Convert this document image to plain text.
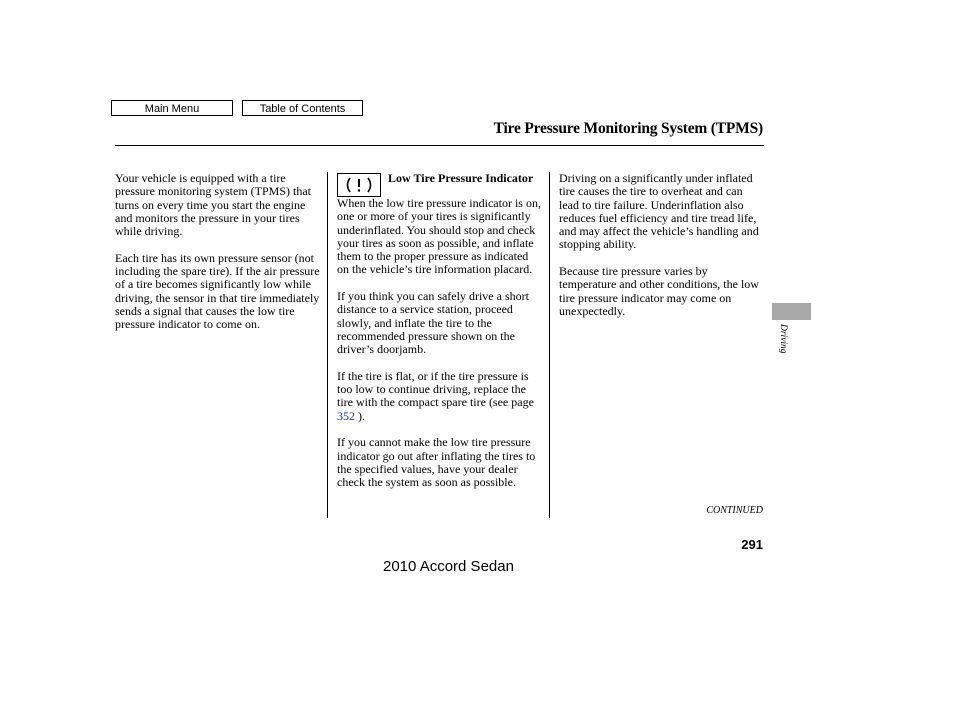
Main Menu	Table of Contents
Tire Pressure Monitoring System (TPMS)

Your vehicle is equipped with a tire pressure monitoring system (TPMS) that turns on every time you start the engine and monitors the pressure in your tires while driving.

Each tire has its own pressure sensor (not including the spare tire). If the air pressure of a tire becomes significantly low while driving, the sensor in that tire immediately sends a signal that causes the low tire pressure indicator to come on.

Low Tire Pressure Indicator

When the low tire pressure indicator is on, one or more of your tires is significantly underinflated. You should stop and check your tires as soon as possible, and inflate them to the proper pressure as indicated on the vehicle’s tire information placard.

If you think you can safely drive a short distance to a service station, proceed slowly, and inflate the tire to the recommended pressure shown on the driver’s doorjamb.

If the tire is flat, or if the tire pressure is too low to continue driving, replace the tire with the compact spare tire (see page 352 ).

If you cannot make the low tire pressure indicator go out after inflating the tires to the specified values, have your dealer check the system as soon as possible.

Driving on a significantly under inflated tire causes the tire to overheat and can lead to tire failure. Underinflation also reduces fuel efficiency and tire tread life, and may affect the vehicle’s handling and stopping ability.

Because tire pressure varies by temperature and other conditions, the low tire pressure indicator may come on unexpectedly.

Driving
CONTINUED
291
2010 Accord Sedan
